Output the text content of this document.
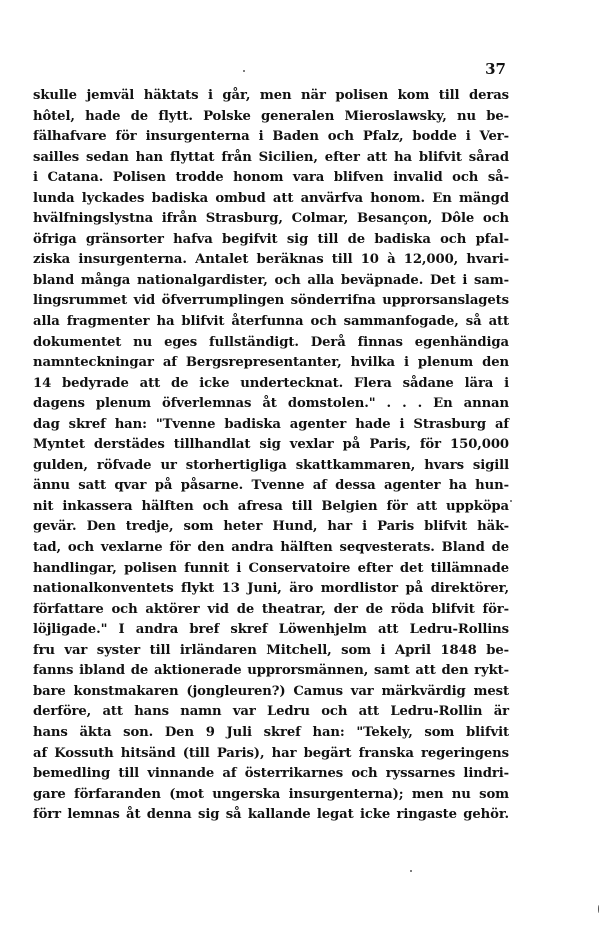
37
skulle jemväl häktats i går, men när polisen kom till deras
hôtel, hade de flytt. Polske generalen Mieroslawsky, nu be-
fälhafvare för insurgenterna i Baden och Pfalz, bodde i Ver-
sailles sedan han flyttat från Sicilien, efter att ha blifvit sårad
i Catana. Polisen trodde honom vara blifven invalid och så-
lunda lyckades badiska ombud att anvärfva honom. En mängd
hvälfningslystna ifrån Strasburg, Colmar, Besançon, Dôle och
öfriga gränsorter hafva begifvit sig till de badiska och pfal-
ziska insurgenterna. Antalet beräknas till 10 à 12,000, hvari-
bland många nationalgardister, och alla beväpnade. Det i sam-
lingsrummet vid öfverrumplingen sönderrifna upprorsanslagets
alla fragmenter ha blifvit återfunna och sammanfogade, så att
dokumentet nu eges fullständigt. Derå finnas egenhändiga
namnteckningar af Bergsrepresentanter, hvilka i plenum den
14 bedyrade att de icke undertecknat. Flera sådane lära i
dagens plenum öfverlemnas åt domstolen." . . . En annan
dag skref han: "Tvenne badiska agenter hade i Strasburg af
Myntet derstädes tillhandlat sig vexlar på Paris, för 150,000
gulden, röfvade ur storhertigliga skattkammaren, hvars sigill
ännu satt qvar på påsarne. Tvenne af dessa agenter ha hun-
nit inkassera hälften och afresa till Belgien för att uppköpa
gevär. Den tredje, som heter Hund, har i Paris blifvit häk-
tad, och vexlarne för den andra hälften seqvesterats. Bland de
handlingar, polisen funnit i Conservatoire efter det tillämnade
nationalkonventets flykt 13 Juni, äro mordlistor på direktörer,
författare och aktörer vid de theatrar, der de röda blifvit för-
löjligade." I andra bref skref Löwenhjelm att Ledru-Rollins
fru var syster till irländaren Mitchell, som i April 1848 be-
fanns ibland de aktionerade upprorsmännen, samt att den rykt-
bare konstmakaren (jongleuren?) Camus var märkvärdig mest
derföre, att hans namn var Ledru och att Ledru-Rollin är
hans äkta son. Den 9 Juli skref han: "Tekely, som blifvit
af Kossuth hitsänd (till Paris), har begärt franska regeringens
bemedling till vinnande af österrikarnes och ryssarnes lindri-
gare förfaranden (mot ungerska insurgenterna); men nu som
förr lemnas åt denna sig så kallande legat icke ringaste gehör.
